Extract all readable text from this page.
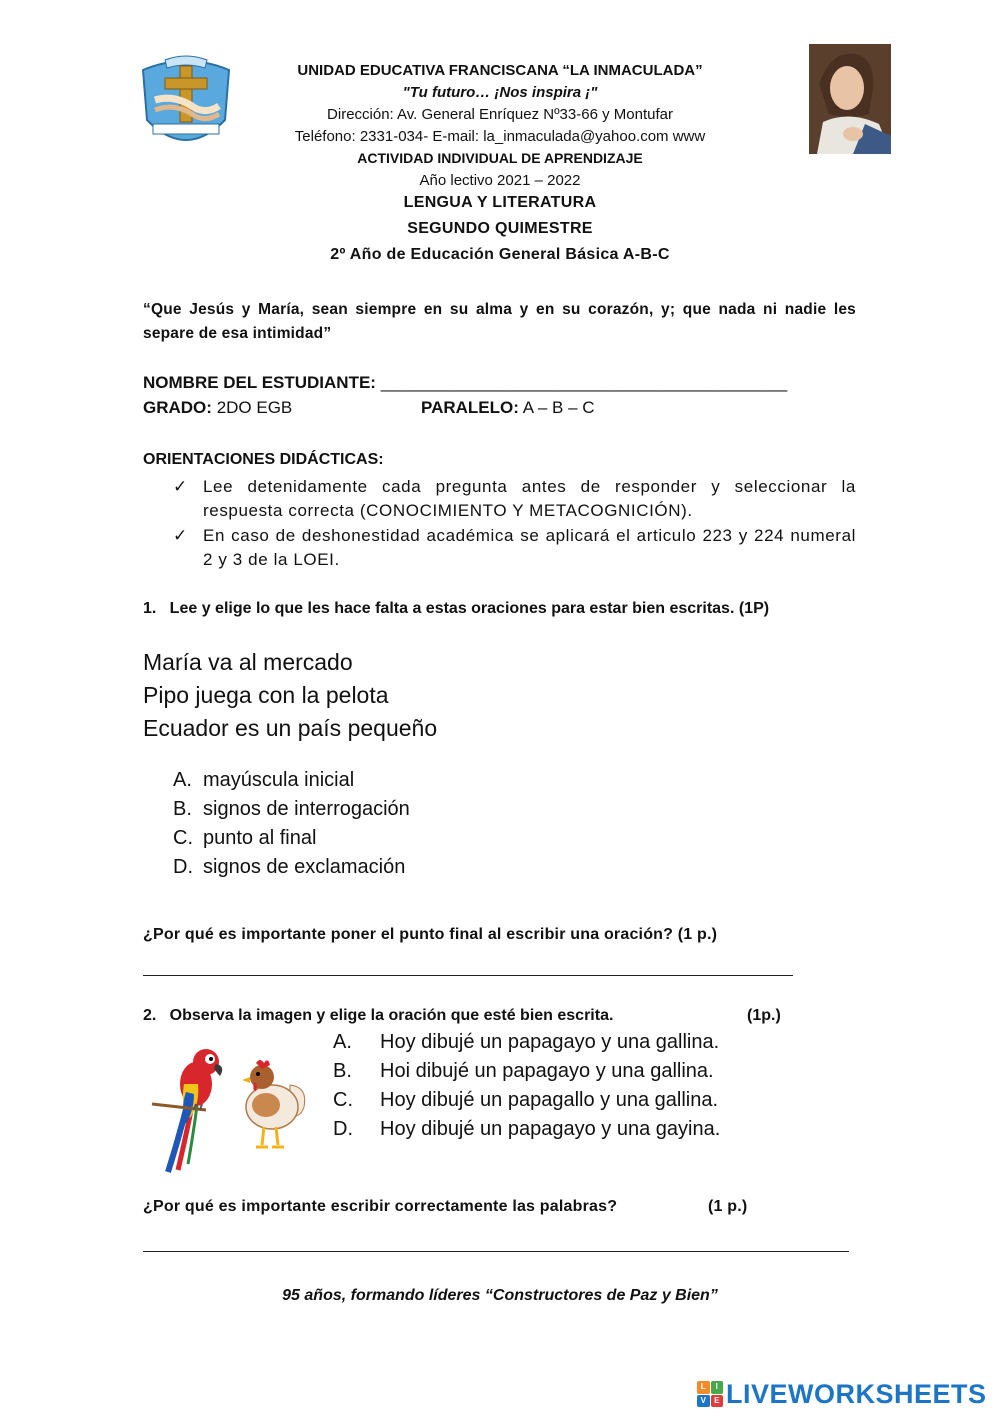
UNIDAD EDUCATIVA FRANCISCANA “LA INMACULADA”
"Tu futuro… ¡Nos inspira ¡"
Dirección: Av. General Enríquez Nº33-66 y Montufar
Teléfono: 2331-034- E-mail: la_inmaculada@yahoo.com www
ACTIVIDAD INDIVIDUAL DE APRENDIZAJE
Año lectivo 2021 – 2022
LENGUA Y LITERATURA
SEGUNDO QUIMESTRE
2º Año de Educación General Básica A-B-C
“Que Jesús y María, sean siempre en su alma y en su corazón, y; que nada ni nadie les separe de esa intimidad”
NOMBRE DEL ESTUDIANTE: ___________________________________________
GRADO: 2DO EGB	PARALELO: A – B – C
ORIENTACIONES DIDÁCTICAS:
✓ Lee detenidamente cada pregunta antes de responder y seleccionar la respuesta correcta (CONOCIMIENTO Y METACOGNICIÓN).
✓ En caso de deshonestidad académica se aplicará el articulo 223 y 224 numeral 2 y 3 de la LOEI.
1.   Lee y elige lo que les hace falta a estas oraciones para estar bien escritas. (1P)
María va al mercado
Pipo juega con la pelota
Ecuador es un país pequeño
A. mayúscula inicial
B. signos de interrogación
C. punto al final
D. signos de exclamación
¿Por qué es importante poner el punto final al escribir una oración? (1 p.)
2.   Observa la imagen y elige la oración que esté bien escrita.	(1p.)
A. Hoy dibujé un papagayo y una gallina.
B. Hoi dibujé un papagayo y una gallina.
C. Hoy dibujé un papagallo y una gallina.
D. Hoy dibujé un papagayo y una gayina.
¿Por qué es importante escribir correctamente las palabras?	(1 p.)
95 años, formando líderes “Constructores de Paz y Bien”
L	I
V	E LIVEWORKSHEETS
